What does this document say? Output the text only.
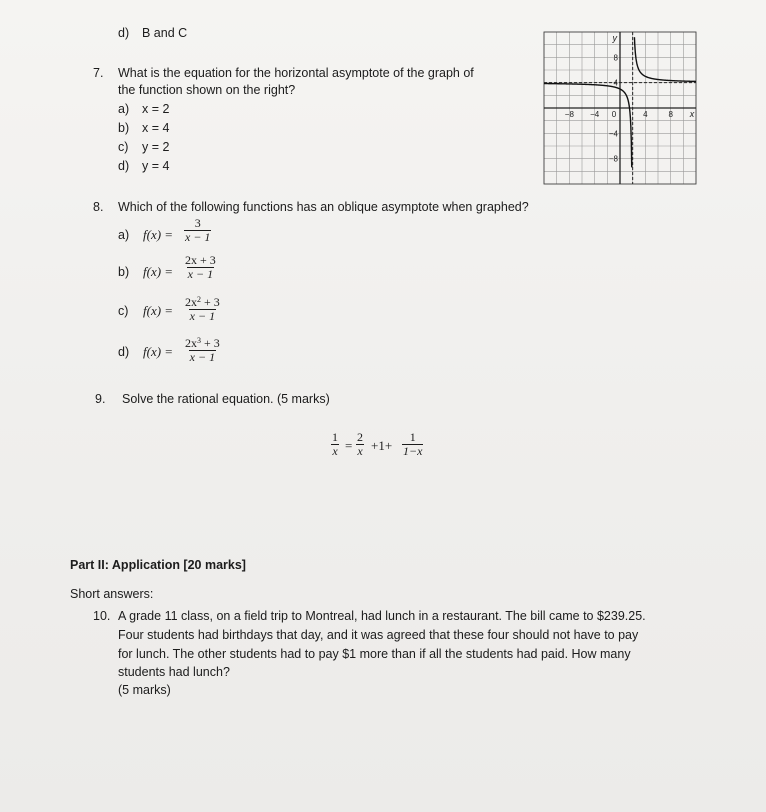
d) B and C
7. What is the equation for the horizontal asymptote of the graph of
the function shown on the right?
a) x = 2
b) x = 4
c) y = 2
d) y = 4
−8 −4 0	4	8
8
4
−4
−8
x
y
8. Which of the following functions has an oblique asymptote when graphed?
a) $f(x) = \frac{3}{x - 1}$
b) $f(x) = \frac{2x + 3}{x - 1}$
c) $f(x) = \frac{2x^2 + 3}{x - 1}$
d) $f(x) = \frac{2x^3 + 3}{x - 1}$
9. Solve the rational equation. (5 marks)
$\frac{1}{x} = \frac{2}{x} +1+ \frac{1}{1-x}$
Part II: Application [20 marks]
Short answers:
10. A grade 11 class, on a field trip to Montreal, had lunch in a restaurant. The bill came to $239.25.
Four students had birthdays that day, and it was agreed that these four should not have to pay
for lunch. The other students had to pay $1 more than if all the students had paid. How many
students had lunch?
(5 marks)
